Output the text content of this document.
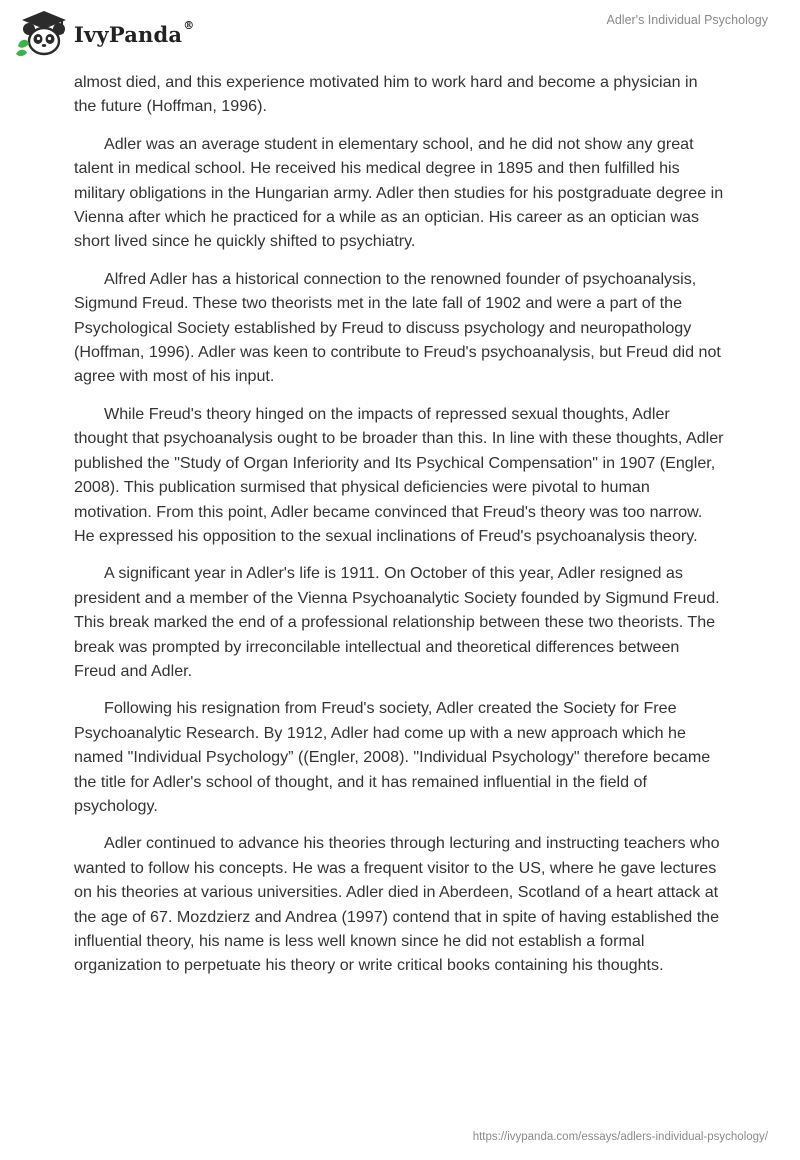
IvyPanda®	Adler's Individual Psychology

almost died, and this experience motivated him to work hard and become a physician in the future (Hoffman, 1996).

Adler was an average student in elementary school, and he did not show any great talent in medical school. He received his medical degree in 1895 and then fulfilled his military obligations in the Hungarian army. Adler then studies for his postgraduate degree in Vienna after which he practiced for a while as an optician. His career as an optician was short lived since he quickly shifted to psychiatry.

Alfred Adler has a historical connection to the renowned founder of psychoanalysis, Sigmund Freud. These two theorists met in the late fall of 1902 and were a part of the Psychological Society established by Freud to discuss psychology and neuropathology (Hoffman, 1996). Adler was keen to contribute to Freud's psychoanalysis, but Freud did not agree with most of his input.

While Freud's theory hinged on the impacts of repressed sexual thoughts, Adler thought that psychoanalysis ought to be broader than this. In line with these thoughts, Adler published the "Study of Organ Inferiority and Its Psychical Compensation" in 1907 (Engler, 2008). This publication surmised that physical deficiencies were pivotal to human motivation. From this point, Adler became convinced that Freud's theory was too narrow. He expressed his opposition to the sexual inclinations of Freud's psychoanalysis theory.

A significant year in Adler's life is 1911. On October of this year, Adler resigned as president and a member of the Vienna Psychoanalytic Society founded by Sigmund Freud. This break marked the end of a professional relationship between these two theorists. The break was prompted by irreconcilable intellectual and theoretical differences between Freud and Adler.

Following his resignation from Freud's society, Adler created the Society for Free Psychoanalytic Research. By 1912, Adler had come up with a new approach which he named "Individual Psychology” ((Engler, 2008). "Individual Psychology" therefore became the title for Adler's school of thought, and it has remained influential in the field of psychology.

Adler continued to advance his theories through lecturing and instructing teachers who wanted to follow his concepts. He was a frequent visitor to the US, where he gave lectures on his theories at various universities. Adler died in Aberdeen, Scotland of a heart attack at the age of 67. Mozdzierz and Andrea (1997) contend that in spite of having established the influential theory, his name is less well known since he did not establish a formal organization to perpetuate his theory or write critical books containing his thoughts.

https://ivypanda.com/essays/adlers-individual-psychology/
